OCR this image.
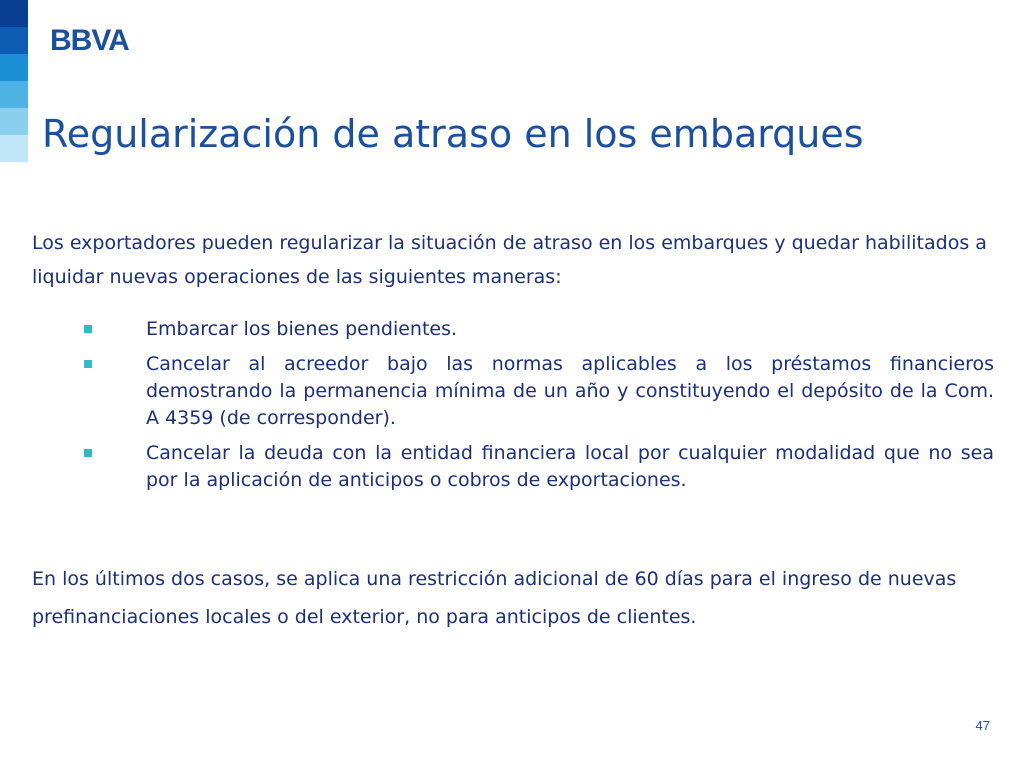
BBVA
Regularización de atraso en los embarques
Los exportadores pueden regularizar la situación de atraso en los embarques y quedar habilitados a liquidar nuevas operaciones de las siguientes maneras:
Embarcar los bienes pendientes.
Cancelar al acreedor bajo las normas aplicables a los préstamos financieros demostrando la permanencia mínima de un año y constituyendo el depósito de la Com. A 4359 (de corresponder).
Cancelar la deuda con la entidad financiera local por cualquier modalidad que no sea por la aplicación de anticipos o cobros de exportaciones.
En los últimos dos casos, se aplica una restricción adicional de 60 días para el ingreso de nuevas prefinanciaciones locales o del exterior, no para anticipos de clientes.
47
